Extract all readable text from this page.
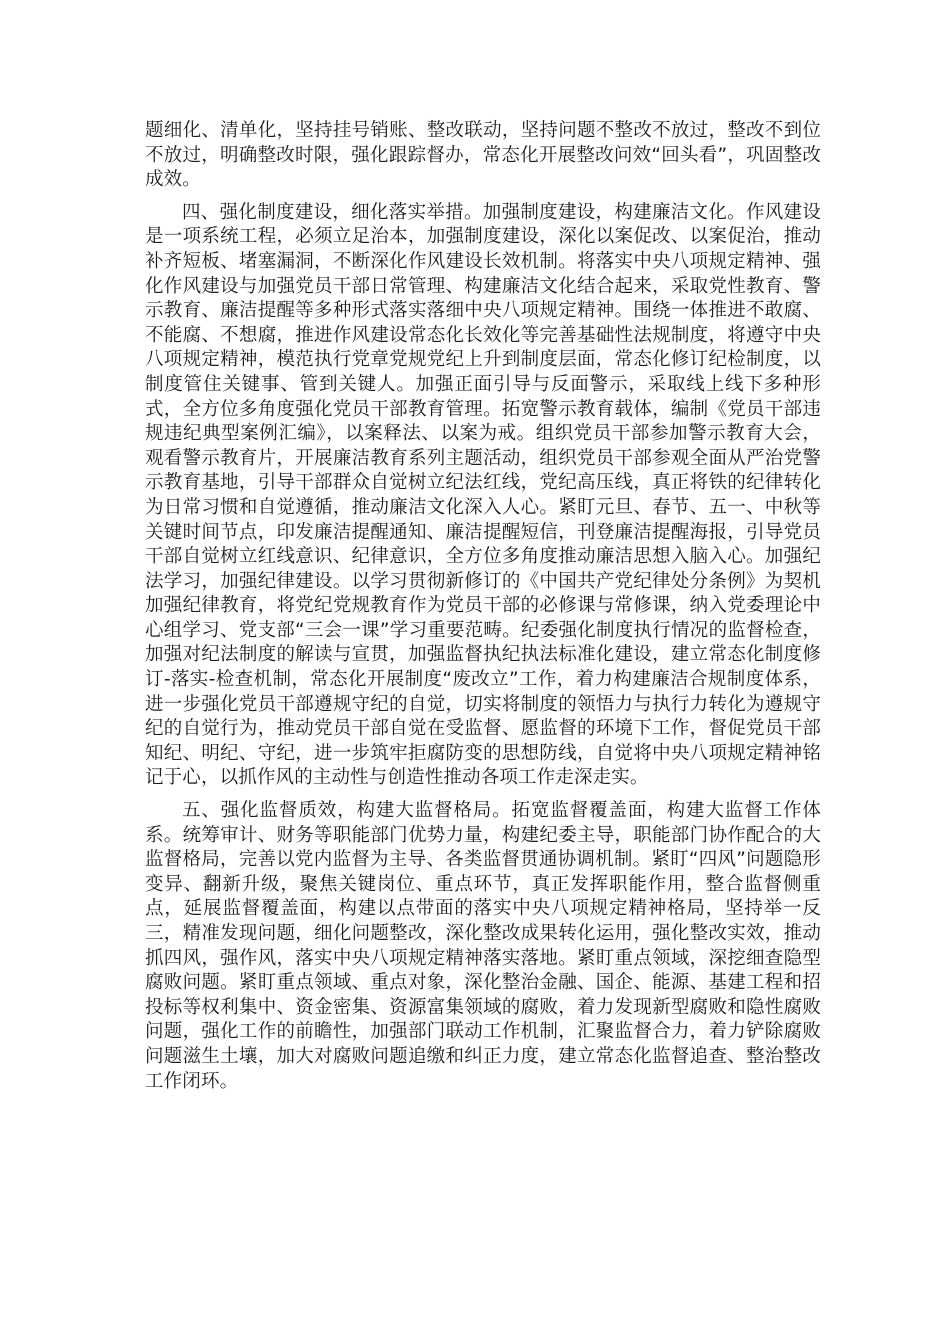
题细化、清单化，坚持挂号销账、整改联动，坚持问题不整改不放过，整改不到位不放过，明确整改时限，强化跟踪督办，常态化开展整改问效“回头看”，巩固整改成效。

四、强化制度建设，细化落实举措。加强制度建设，构建廉洁文化。作风建设是一项系统工程，必须立足治本，加强制度建设，深化以案促改、以案促治，推动补齐短板、堵塞漏洞，不断深化作风建设长效机制。将落实中央八项规定精神、强化作风建设与加强党员干部日常管理、构建廉洁文化结合起来，采取党性教育、警示教育、廉洁提醒等多种形式落实落细中央八项规定精神。围绕一体推进不敢腐、不能腐、不想腐，推进作风建设常态化长效化等完善基础性法规制度，将遵守中央八项规定精神，模范执行党章党规党纪上升到制度层面，常态化修订纪检制度，以制度管住关键事、管到关键人。加强正面引导与反面警示，采取线上线下多种形式，全方位多角度强化党员干部教育管理。拓宽警示教育载体，编制《党员干部违规违纪典型案例汇编》，以案释法、以案为戒。组织党员干部参加警示教育大会，观看警示教育片，开展廉洁教育系列主题活动，组织党员干部参观全面从严治党警示教育基地，引导干部群众自觉树立纪法红线，党纪高压线，真正将铁的纪律转化为日常习惯和自觉遵循，推动廉洁文化深入人心。紧盯元旦、春节、五一、中秋等关键时间节点，印发廉洁提醒通知、廉洁提醒短信，刊登廉洁提醒海报，引导党员干部自觉树立红线意识、纪律意识，全方位多角度推动廉洁思想入脑入心。加强纪法学习，加强纪律建设。以学习贯彻新修订的《中国共产党纪律处分条例》为契机加强纪律教育，将党纪党规教育作为党员干部的必修课与常修课，纳入党委理论中心组学习、党支部“三会一课”学习重要范畴。纪委强化制度执行情况的监督检查，加强对纪法制度的解读与宣贯，加强监督执纪执法标准化建设，建立常态化制度修订-落实-检查机制，常态化开展制度“废改立”工作，着力构建廉洁合规制度体系，进一步强化党员干部遵规守纪的自觉，切实将制度的领悟力与执行力转化为遵规守纪的自觉行为，推动党员干部自觉在受监督、愿监督的环境下工作，督促党员干部知纪、明纪、守纪，进一步筑牢拒腐防变的思想防线，自觉将中央八项规定精神铭记于心，以抓作风的主动性与创造性推动各项工作走深走实。

五、强化监督质效，构建大监督格局。拓宽监督覆盖面，构建大监督工作体系。统筹审计、财务等职能部门优势力量，构建纪委主导，职能部门协作配合的大监督格局，完善以党内监督为主导、各类监督贯通协调机制。紧盯“四风”问题隐形变异、翻新升级，聚焦关键岗位、重点环节，真正发挥职能作用，整合监督侧重点，延展监督覆盖面，构建以点带面的落实中央八项规定精神格局，坚持举一反三，精准发现问题，细化问题整改，深化整改成果转化运用，强化整改实效，推动抓四风，强作风，落实中央八项规定精神落实落地。紧盯重点领域，深挖细查隐型腐败问题。紧盯重点领域、重点对象，深化整治金融、国企、能源、基建工程和招投标等权利集中、资金密集、资源富集领域的腐败，着力发现新型腐败和隐性腐败问题，强化工作的前瞻性，加强部门联动工作机制，汇聚监督合力，着力铲除腐败问题滋生土壤，加大对腐败问题追缴和纠正力度，建立常态化监督追查、整治整改工作闭环。
